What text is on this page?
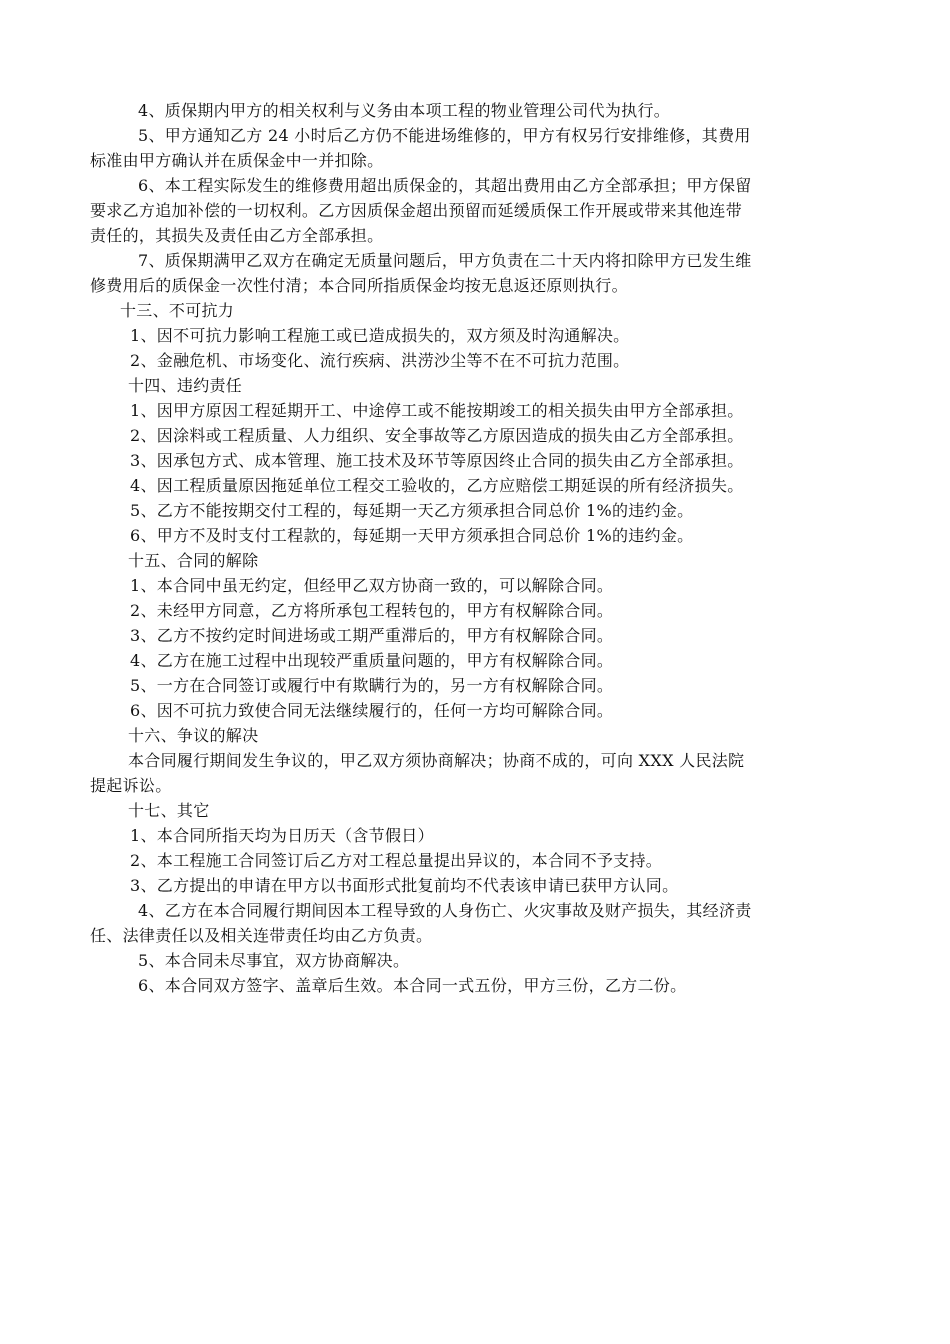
4、质保期内甲方的相关权利与义务由本项工程的物业管理公司代为执行。
5、甲方通知乙方 24 小时后乙方仍不能进场维修的，甲方有权另行安排维修，其费用
标准由甲方确认并在质保金中一并扣除。
6、本工程实际发生的维修费用超出质保金的，其超出费用由乙方全部承担；甲方保留
要求乙方追加补偿的一切权利。乙方因质保金超出预留而延缓质保工作开展或带来其他连带
责任的，其损失及责任由乙方全部承担。
7、质保期满甲乙双方在确定无质量问题后，甲方负责在二十天内将扣除甲方已发生维
修费用后的质保金一次性付清；本合同所指质保金均按无息返还原则执行。
十三、不可抗力
1、因不可抗力影响工程施工或已造成损失的，双方须及时沟通解决。
2、金融危机、市场变化、流行疾病、洪涝沙尘等不在不可抗力范围。
十四、违约责任
1、因甲方原因工程延期开工、中途停工或不能按期竣工的相关损失由甲方全部承担。
2、因涂料或工程质量、人力组织、安全事故等乙方原因造成的损失由乙方全部承担。
3、因承包方式、成本管理、施工技术及环节等原因终止合同的损失由乙方全部承担。
4、因工程质量原因拖延单位工程交工验收的，乙方应赔偿工期延误的所有经济损失。
5、乙方不能按期交付工程的，每延期一天乙方须承担合同总价 1%的违约金。
6、甲方不及时支付工程款的，每延期一天甲方须承担合同总价 1%的违约金。
十五、合同的解除
1、本合同中虽无约定，但经甲乙双方协商一致的，可以解除合同。
2、未经甲方同意，乙方将所承包工程转包的，甲方有权解除合同。
3、乙方不按约定时间进场或工期严重滞后的，甲方有权解除合同。
4、乙方在施工过程中出现较严重质量问题的，甲方有权解除合同。
5、一方在合同签订或履行中有欺瞒行为的，另一方有权解除合同。
6、因不可抗力致使合同无法继续履行的，任何一方均可解除合同。
十六、争议的解决
本合同履行期间发生争议的，甲乙双方须协商解决；协商不成的，可向 XXX 人民法院
提起诉讼。
十七、其它
1、本合同所指天均为日历天（含节假日）
2、本工程施工合同签订后乙方对工程总量提出异议的，本合同不予支持。
3、乙方提出的申请在甲方以书面形式批复前均不代表该申请已获甲方认同。
4、乙方在本合同履行期间因本工程导致的人身伤亡、火灾事故及财产损失，其经济责
任、法律责任以及相关连带责任均由乙方负责。
5、本合同未尽事宜，双方协商解决。
6、本合同双方签字、盖章后生效。本合同一式五份，甲方三份，乙方二份。
